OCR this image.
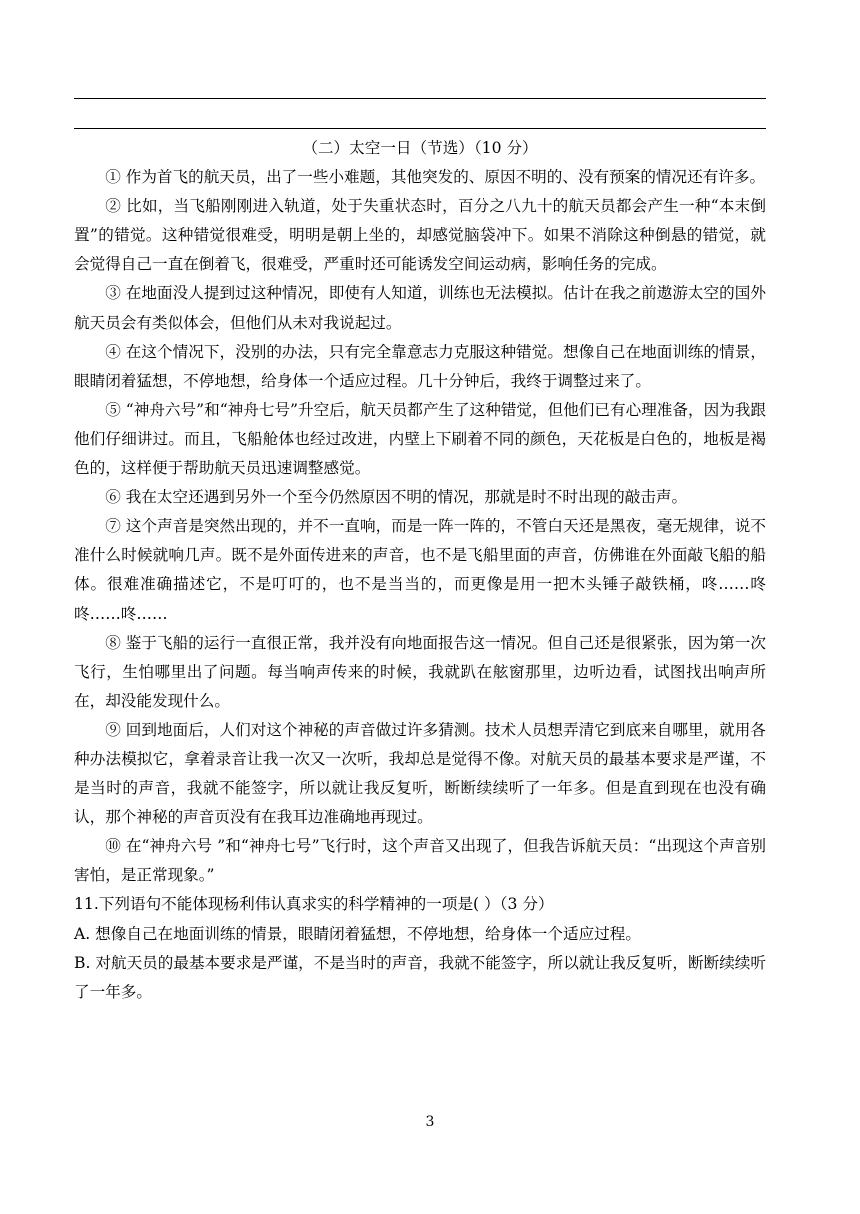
（二）太空一日（节选）（10 分）

① 作为首飞的航天员，出了一些小难题，其他突发的、原因不明的、没有预案的情况还有许多。

② 比如，当飞船刚刚进入轨道，处于失重状态时，百分之八九十的航天员都会产生一种“本末倒置”的错觉。这种错觉很难受，明明是朝上坐的，却感觉脑袋冲下。如果不消除这种倒悬的错觉，就会觉得自己一直在倒着飞，很难受，严重时还可能诱发空间运动病，影响任务的完成。

③ 在地面没人提到过这种情况，即使有人知道，训练也无法模拟。估计在我之前遨游太空的国外航天员会有类似体会，但他们从未对我说起过。

④ 在这个情况下，没别的办法，只有完全靠意志力克服这种错觉。想像自己在地面训练的情景，眼睛闭着猛想，不停地想，给身体一个适应过程。几十分钟后，我终于调整过来了。

⑤ “神舟六号”和“神舟七号”升空后，航天员都产生了这种错觉，但他们已有心理准备，因为我跟他们仔细讲过。而且，飞船舱体也经过改进，内壁上下刷着不同的颜色，天花板是白色的，地板是褐色的，这样便于帮助航天员迅速调整感觉。

⑥ 我在太空还遇到另外一个至今仍然原因不明的情况，那就是时不时出现的敲击声。

⑦ 这个声音是突然出现的，并不一直响，而是一阵一阵的，不管白天还是黑夜，毫无规律，说不准什么时候就响几声。既不是外面传进来的声音，也不是飞船里面的声音，仿佛谁在外面敲飞船的船体。很难准确描述它，不是叮叮的，也不是当当的，而更像是用一把木头锤子敲铁桶，咚……咚咚……咚……

⑧ 鉴于飞船的运行一直很正常，我并没有向地面报告这一情况。但自己还是很紧张，因为第一次飞行，生怕哪里出了问题。每当响声传来的时候，我就趴在舷窗那里，边听边看，试图找出响声所在，却没能发现什么。

⑨ 回到地面后，人们对这个神秘的声音做过许多猜测。技术人员想弄清它到底来自哪里，就用各种办法模拟它，拿着录音让我一次又一次听，我却总是觉得不像。对航天员的最基本要求是严谨，不是当时的声音，我就不能签字，所以就让我反复听，断断续续听了一年多。但是直到现在也没有确认，那个神秘的声音页没有在我耳边准确地再现过。

⑩ 在“神舟六号 ”和“神舟七号”飞行时，这个声音又出现了，但我告诉航天员：“出现这个声音别害怕，是正常现象。”

11.下列语句不能体现杨利伟认真求实的科学精神的一项是( ）（3 分）

A. 想像自己在地面训练的情景，眼睛闭着猛想，不停地想，给身体一个适应过程。

B. 对航天员的最基本要求是严谨，不是当时的声音，我就不能签字，所以就让我反复听，断断续续听了一年多。

3
